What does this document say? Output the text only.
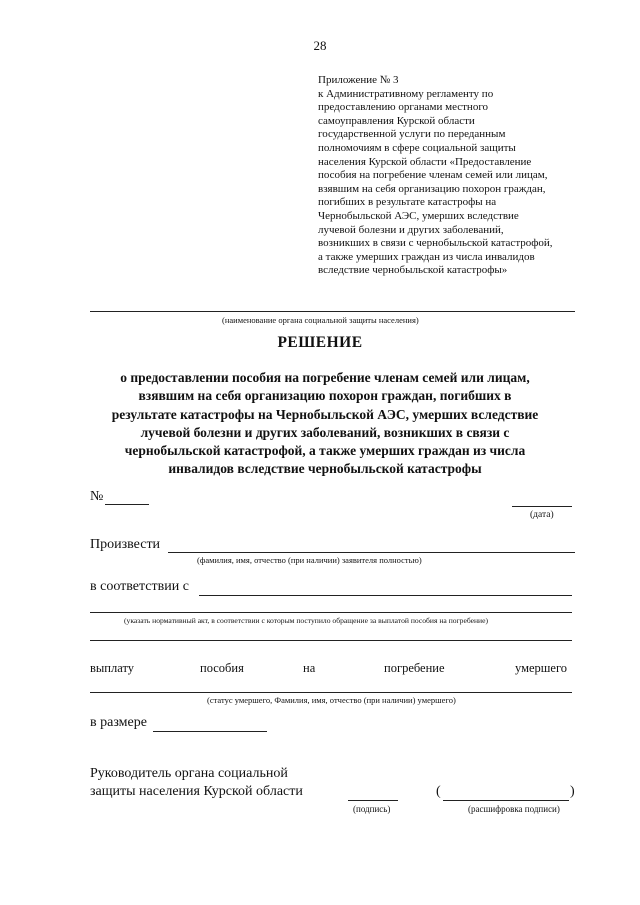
28
Приложение № 3
к Административному регламенту по
предоставлению органами местного
самоуправления Курской области
государственной услуги по переданным
полномочиям в сфере социальной защиты
населения Курской области «Предоставление
пособия на погребение членам семей или лицам,
взявшим на себя организацию похорон граждан,
погибших в результате катастрофы на
Чернобыльской АЭС, умерших вследствие
лучевой болезни и других заболеваний,
возникших в связи с чернобыльской катастрофой,
а также умерших граждан из числа инвалидов
вследствие чернобыльской катастрофы»
(наименование органа социальной защиты населения)
РЕШЕНИЕ
о предоставлении пособия на погребение членам семей или лицам,
взявшим на себя организацию похорон граждан, погибших в
результате катастрофы на Чернобыльской АЭС, умерших вследствие
лучевой болезни и других заболеваний, возникших в связи с
чернобыльской катастрофой, а также умерших граждан из числа
инвалидов вследствие чернобыльской катастрофы
№
(дата)
Произвести
(фамилия, имя, отчество (при наличии) заявителя полностью)
в соответствии с
(указать нормативный акт, в соответствии с которым поступило обращение за выплатой пособия на погребение)
выплату	пособия	на	погребение	умершего
(статус умершего, Фамилия, имя, отчество (при наличии) умершего)
в размере
Руководитель органа социальной
защиты населения Курской области
(подпись)
(	)
(расшифровка подписи)
